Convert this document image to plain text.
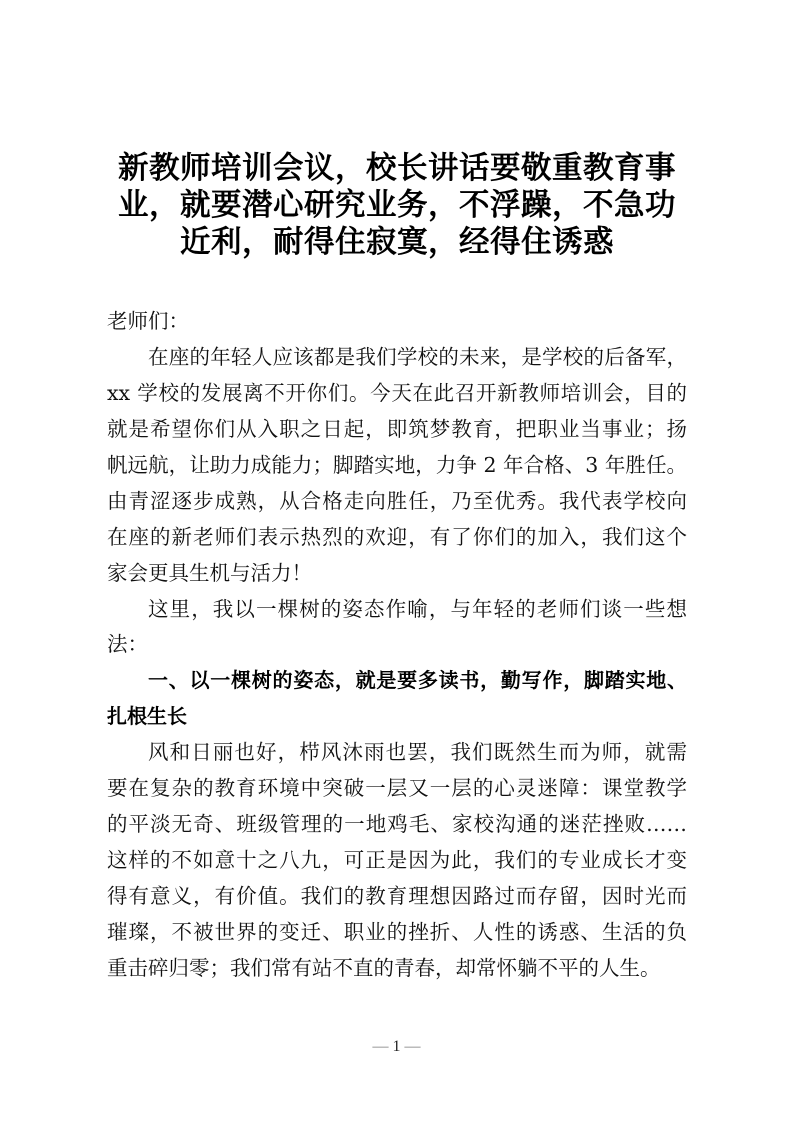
新教师培训会议，校长讲话要敬重教育事
业，就要潜心研究业务，不浮躁，不急功
近利，耐得住寂寞，经得住诱惑
老师们：
在座的年轻人应该都是我们学校的未来，是学校的后备军，
xx 学校的发展离不开你们。今天在此召开新教师培训会，目的
就是希望你们从入职之日起，即筑梦教育，把职业当事业；扬
帆远航，让助力成能力；脚踏实地，力争 2 年合格、3 年胜任。
由青涩逐步成熟，从合格走向胜任，乃至优秀。我代表学校向
在座的新老师们表示热烈的欢迎，有了你们的加入，我们这个
家会更具生机与活力！
这里，我以一棵树的姿态作喻，与年轻的老师们谈一些想
法：
一、以一棵树的姿态，就是要多读书，勤写作，脚踏实地、
扎根生长
风和日丽也好，栉风沐雨也罢，我们既然生而为师，就需
要在复杂的教育环境中突破一层又一层的心灵迷障：课堂教学
的平淡无奇、班级管理的一地鸡毛、家校沟通的迷茫挫败……
这样的不如意十之八九，可正是因为此，我们的专业成长才变
得有意义，有价值。我们的教育理想因路过而存留，因时光而
璀璨，不被世界的变迁、职业的挫折、人性的诱惑、生活的负
重击碎归零；我们常有站不直的青春，却常怀躺不平的人生。
— 1 —
